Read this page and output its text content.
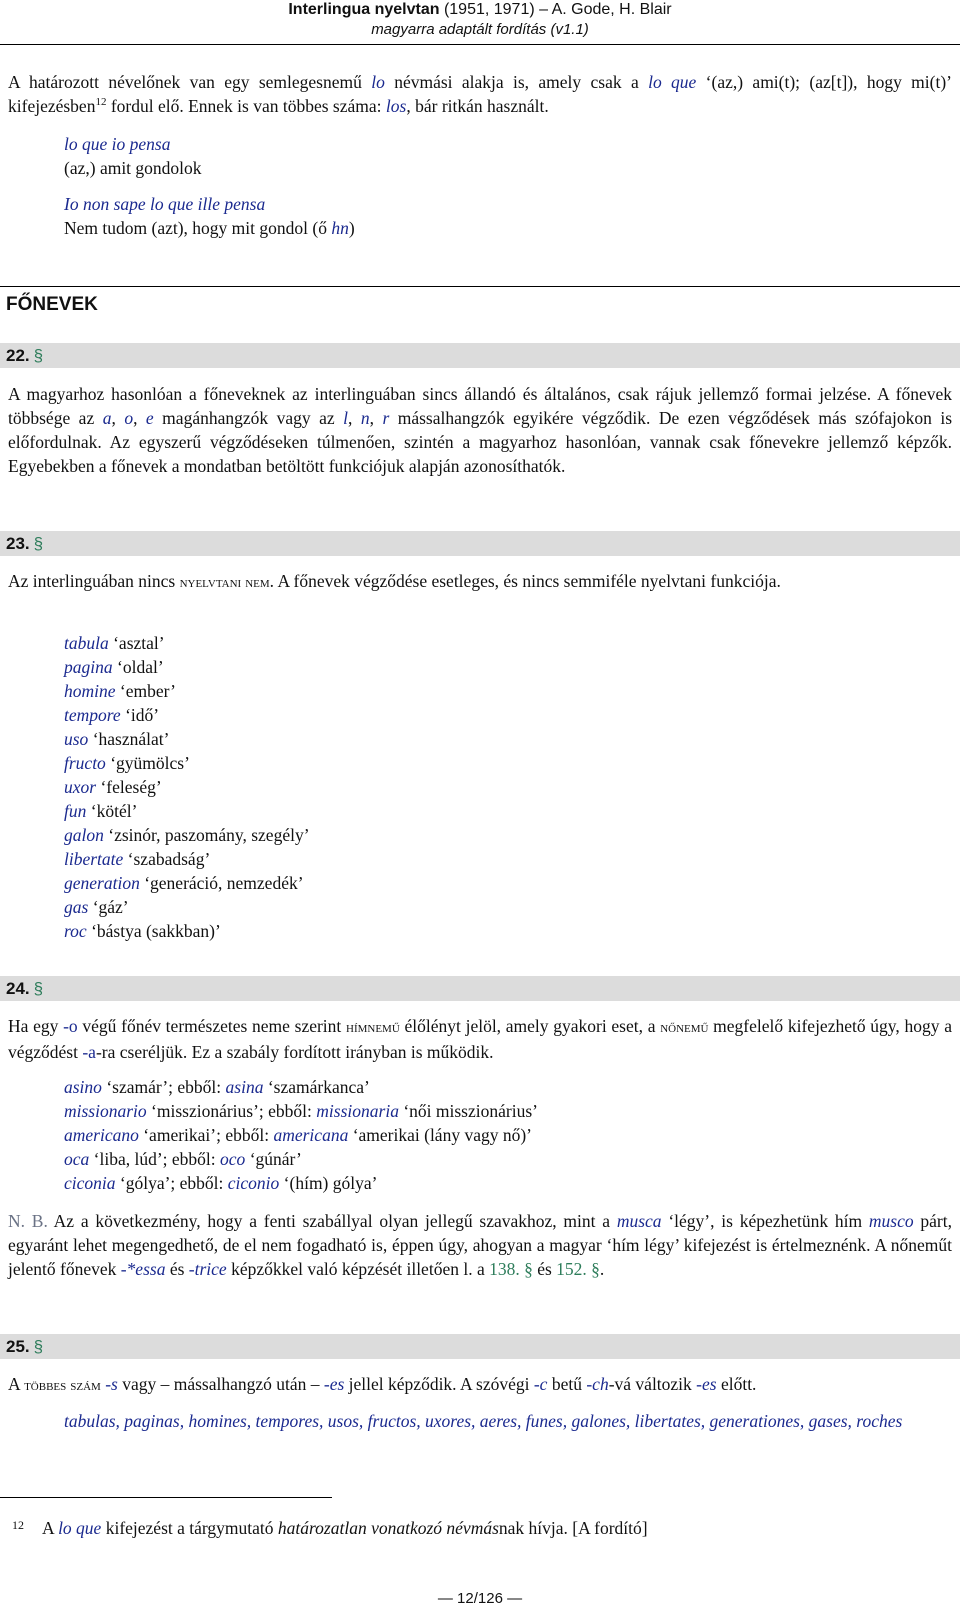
Interlingua nyelvtan (1951, 1971) – A. Gode, H. Blair
magyarra adaptált fordítás (v1.1)
A határozott névelőnek van egy semlegesnemű lo névmási alakja is, amely csak a lo que ‘(az,) ami(t); (az[t]), hogy mi(t)’ kifejezésben$^{12}$ fordul elő. Ennek is van többes száma: los, bár ritkán használt.
lo que io pensa
(az,) amit gondolok
Io non sape lo que ille pensa
Nem tudom (azt), hogy mit gondol (ő hn)
FŐNEVEK
22. §
A magyarhoz hasonlóan a főneveknek az interlinguában sincs állandó és általános, csak rájuk jellemző formai jelzése. A főnevek többsége az a, o, e magánhangzók vagy az l, n, r mássalhangzók egyikére végződik. De ezen végződések más szófajokon is előfordulnak. Az egyszerű végződéseken túlmenően, szintén a magyarhoz hasonlóan, vannak csak főnevekre jellemző képzők. Egyebekben a főnevek a mondatban betöltött funkciójuk alapján azonosíthatók.
23. §
Az interlinguában nincs nyelvtani nem. A főnevek végződése esetleges, és nincs semmiféle nyelvtani funkciója.
tabula ‘asztal’
pagina ‘oldal’
homine ‘ember’
tempore ‘idő’
uso ‘használat’
fructo ‘gyümölcs’
uxor ‘feleség’
fun ‘kötél’
galon ‘zsinór, paszomány, szegély’
libertate ‘szabadság’
generation ‘generáció, nemzedék’
gas ‘gáz’
roc ‘bástya (sakkban)’
24. §
Ha egy -o végű főnév természetes neme szerint hímnemű élőlényt jelöl, amely gyakori eset, a nőnemű megfelelő kifejezhető úgy, hogy a végződést -a-ra cseréljük. Ez a szabály fordított irányban is működik.
asino ‘szamár’; ebből: asina ‘szamárkanca’
missionario ‘misszionárius’; ebből: missionaria ‘női misszionárius’
americano ‘amerikai’; ebből: americana ‘amerikai (lány vagy nő)’
oca ‘liba, lúd’; ebből: oco ‘gúnár’
ciconia ‘gólya’; ebből: ciconio ‘(hím) gólya’
N. B. Az a következmény, hogy a fenti szabállyal olyan jellegű szavakhoz, mint a musca ‘légy’, is képezhetünk hím musco párt, egyaránt lehet megengedhető, de el nem fogadható is, éppen úgy, ahogyan a magyar ‘hím légy’ kifejezést is értelmeznénk. A nőneműt jelentő főnevek -*essa és -trice képzőkkel való képzését illetően l. a 138. § és 152. §.
25. §
A többes szám -s vagy – mássalhangzó után – -es jellel képződik. A szóvégi -c betű -ch-vá változik -es előtt.
tabulas, paginas, homines, tempores, usos, fructos, uxores, aeres, funes, galones, libertates, generationes, gases, roches
12 A lo que kifejezést a tárgymutató határozatlan vonatkozó névmásnak hívja. [A fordító]
— 12/126 —
